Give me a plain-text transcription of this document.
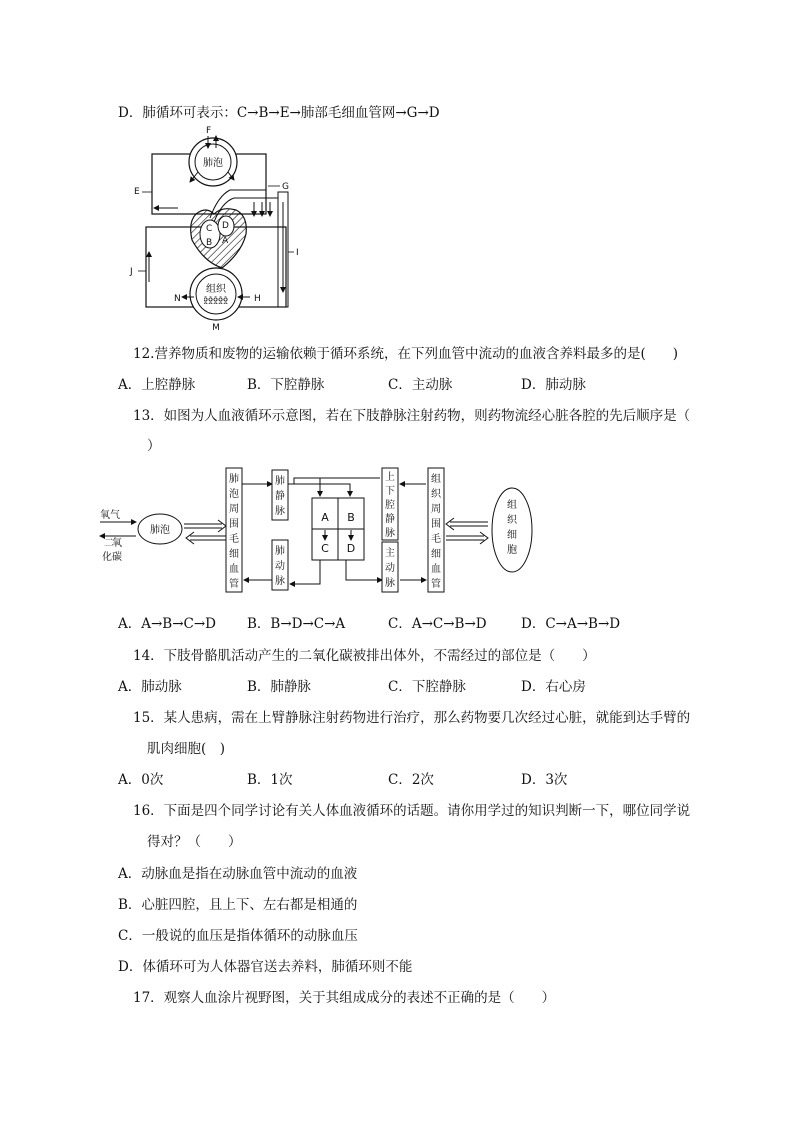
D．肺循环可表示：C→B→E→肺部毛细血管网→G→D
肺泡
F
C D
B A
E	G
I
J
组织
N	H
M
12.营养物质和废物的运输依赖于循环系统，在下列血管中流动的血液含养料最多的是(　　)
A．上腔静脉	B．下腔静脉	C．主动脉	D．肺动脉
13．如图为人血液循环示意图，若在下肢静脉注射药物，则药物流经心脏各腔的先后顺序是（
）
氧气
二
氧
化碳
肺泡
肺
泡
周
围
毛
细
血
管
肺
静
脉
肺
动
脉
A B
C D
上
下
腔
静
脉
主
动
脉
组
织
周
围
毛
细
血
管
组
织
细
胞
A．A→B→C→D B．B→D→C→A	C．A→C→B→D	D．C→A→B→D
14．下肢骨骼肌活动产生的二氧化碳被排出体外，不需经过的部位是（　　）
A．肺动脉	B．肺静脉	C．下腔静脉	D．右心房
15．某人患病，需在上臂静脉注射药物进行治疗，那么药物要几次经过心脏，就能到达手臂的
肌肉细胞(　)
A．0次	B．1次	C．2次	D．3次
16．下面是四个同学讨论有关人体血液循环的话题。请你用学过的知识判断一下，哪位同学说
得对？（　　）
A．动脉血是指在动脉血管中流动的血液
B．心脏四腔，且上下、左右都是相通的
C．一般说的血压是指体循环的动脉血压
D．体循环可为人体器官送去养料，肺循环则不能
17．观察人血涂片视野图，关于其组成成分的表述不正确的是（　　）
